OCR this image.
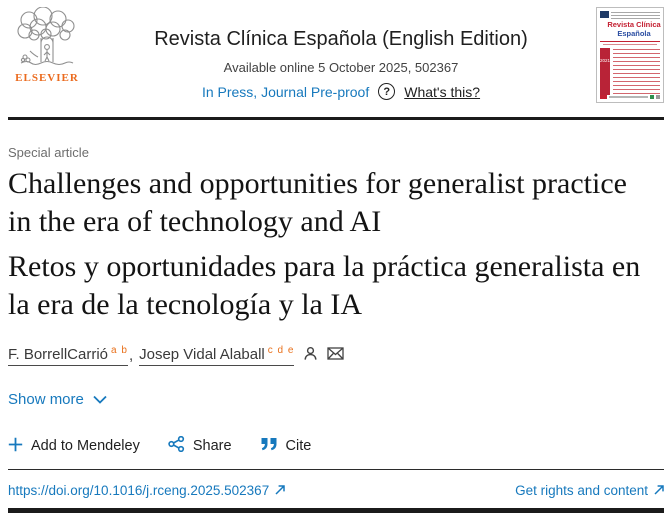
ELSEVIER
Revista Clínica Española (English Edition)
Available online 5 October 2025, 502367
In Press, Journal Pre-proof ? What's this?
Revista Clínica
Española
2021
Special article
Challenges and opportunities for generalist practice in the era of technology and AI
Retos y oportunidades para la práctica generalista en la era de la tecnología y la IA
F. BorrellCarrió $^{a b}$ , Josep Vidal Alaball $^{c d e}$
Show more
Add to Mendeley	Share	Cite
https://doi.org/10.1016/j.rceng.2025.502367	Get rights and content
